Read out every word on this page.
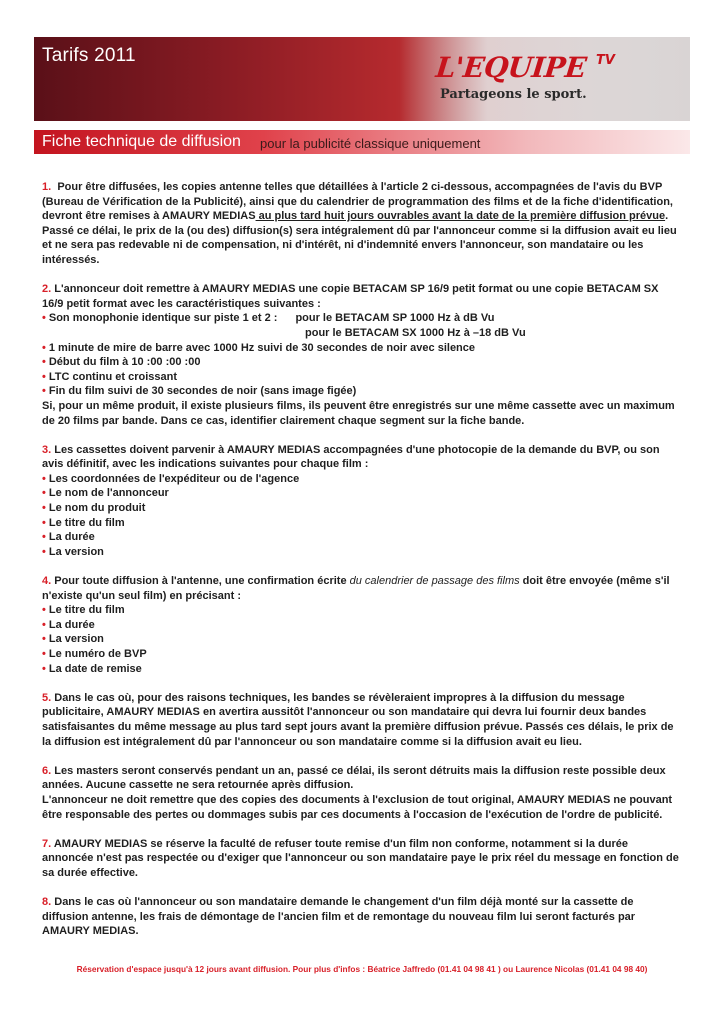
Tarifs 2011	L'EQUIPE TV
Partageons le sport.
Fiche technique de diffusion pour la publicité classique uniquement
1. Pour être diffusées, les copies antenne telles que détaillées à l'article 2 ci-dessous, accompagnées de l'avis du BVP (Bureau de Vérification de la Publicité), ainsi que du calendrier de programmation des films et de la fiche d'identification, devront être remises à AMAURY MEDIAS au plus tard huit jours ouvrables avant la date de la première diffusion prévue. Passé ce délai, le prix de la (ou des) diffusion(s) sera intégralement dû par l'annonceur comme si la diffusion avait eu lieu et ne sera pas redevable ni de compensation, ni d'intérêt, ni d'indemnité envers l'annonceur, son mandataire ou les intéressés.
2. L'annonceur doit remettre à AMAURY MEDIAS une copie BETACAM SP 16/9 petit format ou une copie BETACAM SX 16/9 petit format avec les caractéristiques suivantes :
• Son monophonie identique sur piste 1 et 2 : pour le BETACAM SP 1000 Hz à dB Vu
pour le BETACAM SX 1000 Hz à –18 dB Vu
• 1 minute de mire de barre avec 1000 Hz suivi de 30 secondes de noir avec silence
• Début du film à 10 :00 :00 :00
• LTC continu et croissant
• Fin du film suivi de 30 secondes de noir (sans image figée)
Si, pour un même produit, il existe plusieurs films, ils peuvent être enregistrés sur une même cassette avec un maximum de 20 films par bande. Dans ce cas, identifier clairement chaque segment sur la fiche bande.
3. Les cassettes doivent parvenir à AMAURY MEDIAS accompagnées d'une photocopie de la demande du BVP, ou son avis définitif, avec les indications suivantes pour chaque film :
• Les coordonnées de l'expéditeur ou de l'agence
• Le nom de l'annonceur
• Le nom du produit
• Le titre du film
• La durée
• La version
4. Pour toute diffusion à l'antenne, une confirmation écrite du calendrier de passage des films doit être envoyée (même s'il n'existe qu'un seul film) en précisant :
• Le titre du film
• La durée
• La version
• Le numéro de BVP
• La date de remise
5. Dans le cas où, pour des raisons techniques, les bandes se révèleraient impropres à la diffusion du message publicitaire, AMAURY MEDIAS en avertira aussitôt l'annonceur ou son mandataire qui devra lui fournir deux bandes satisfaisantes du même message au plus tard sept jours avant la première diffusion prévue. Passés ces délais, le prix de la diffusion est intégralement dû par l'annonceur ou son mandataire comme si la diffusion avait eu lieu.
6. Les masters seront conservés pendant un an, passé ce délai, ils seront détruits mais la diffusion reste possible deux années. Aucune cassette ne sera retournée après diffusion.
L'annonceur ne doit remettre que des copies des documents à l'exclusion de tout original, AMAURY MEDIAS ne pouvant être responsable des pertes ou dommages subis par ces documents à l'occasion de l'exécution de l'ordre de publicité.
7. AMAURY MEDIAS se réserve la faculté de refuser toute remise d'un film non conforme, notamment si la durée annoncée n'est pas respectée ou d'exiger que l'annonceur ou son mandataire paye le prix réel du message en fonction de sa durée effective.
8. Dans le cas où l'annonceur ou son mandataire demande le changement d'un film déjà monté sur la cassette de diffusion antenne, les frais de démontage de l'ancien film et de remontage du nouveau film lui seront facturés par AMAURY MEDIAS.
Réservation d'espace jusqu'à 12 jours avant diffusion. Pour plus d'infos : Béatrice Jaffredo (01.41 04 98 41 ) ou Laurence Nicolas (01.41 04 98 40)
